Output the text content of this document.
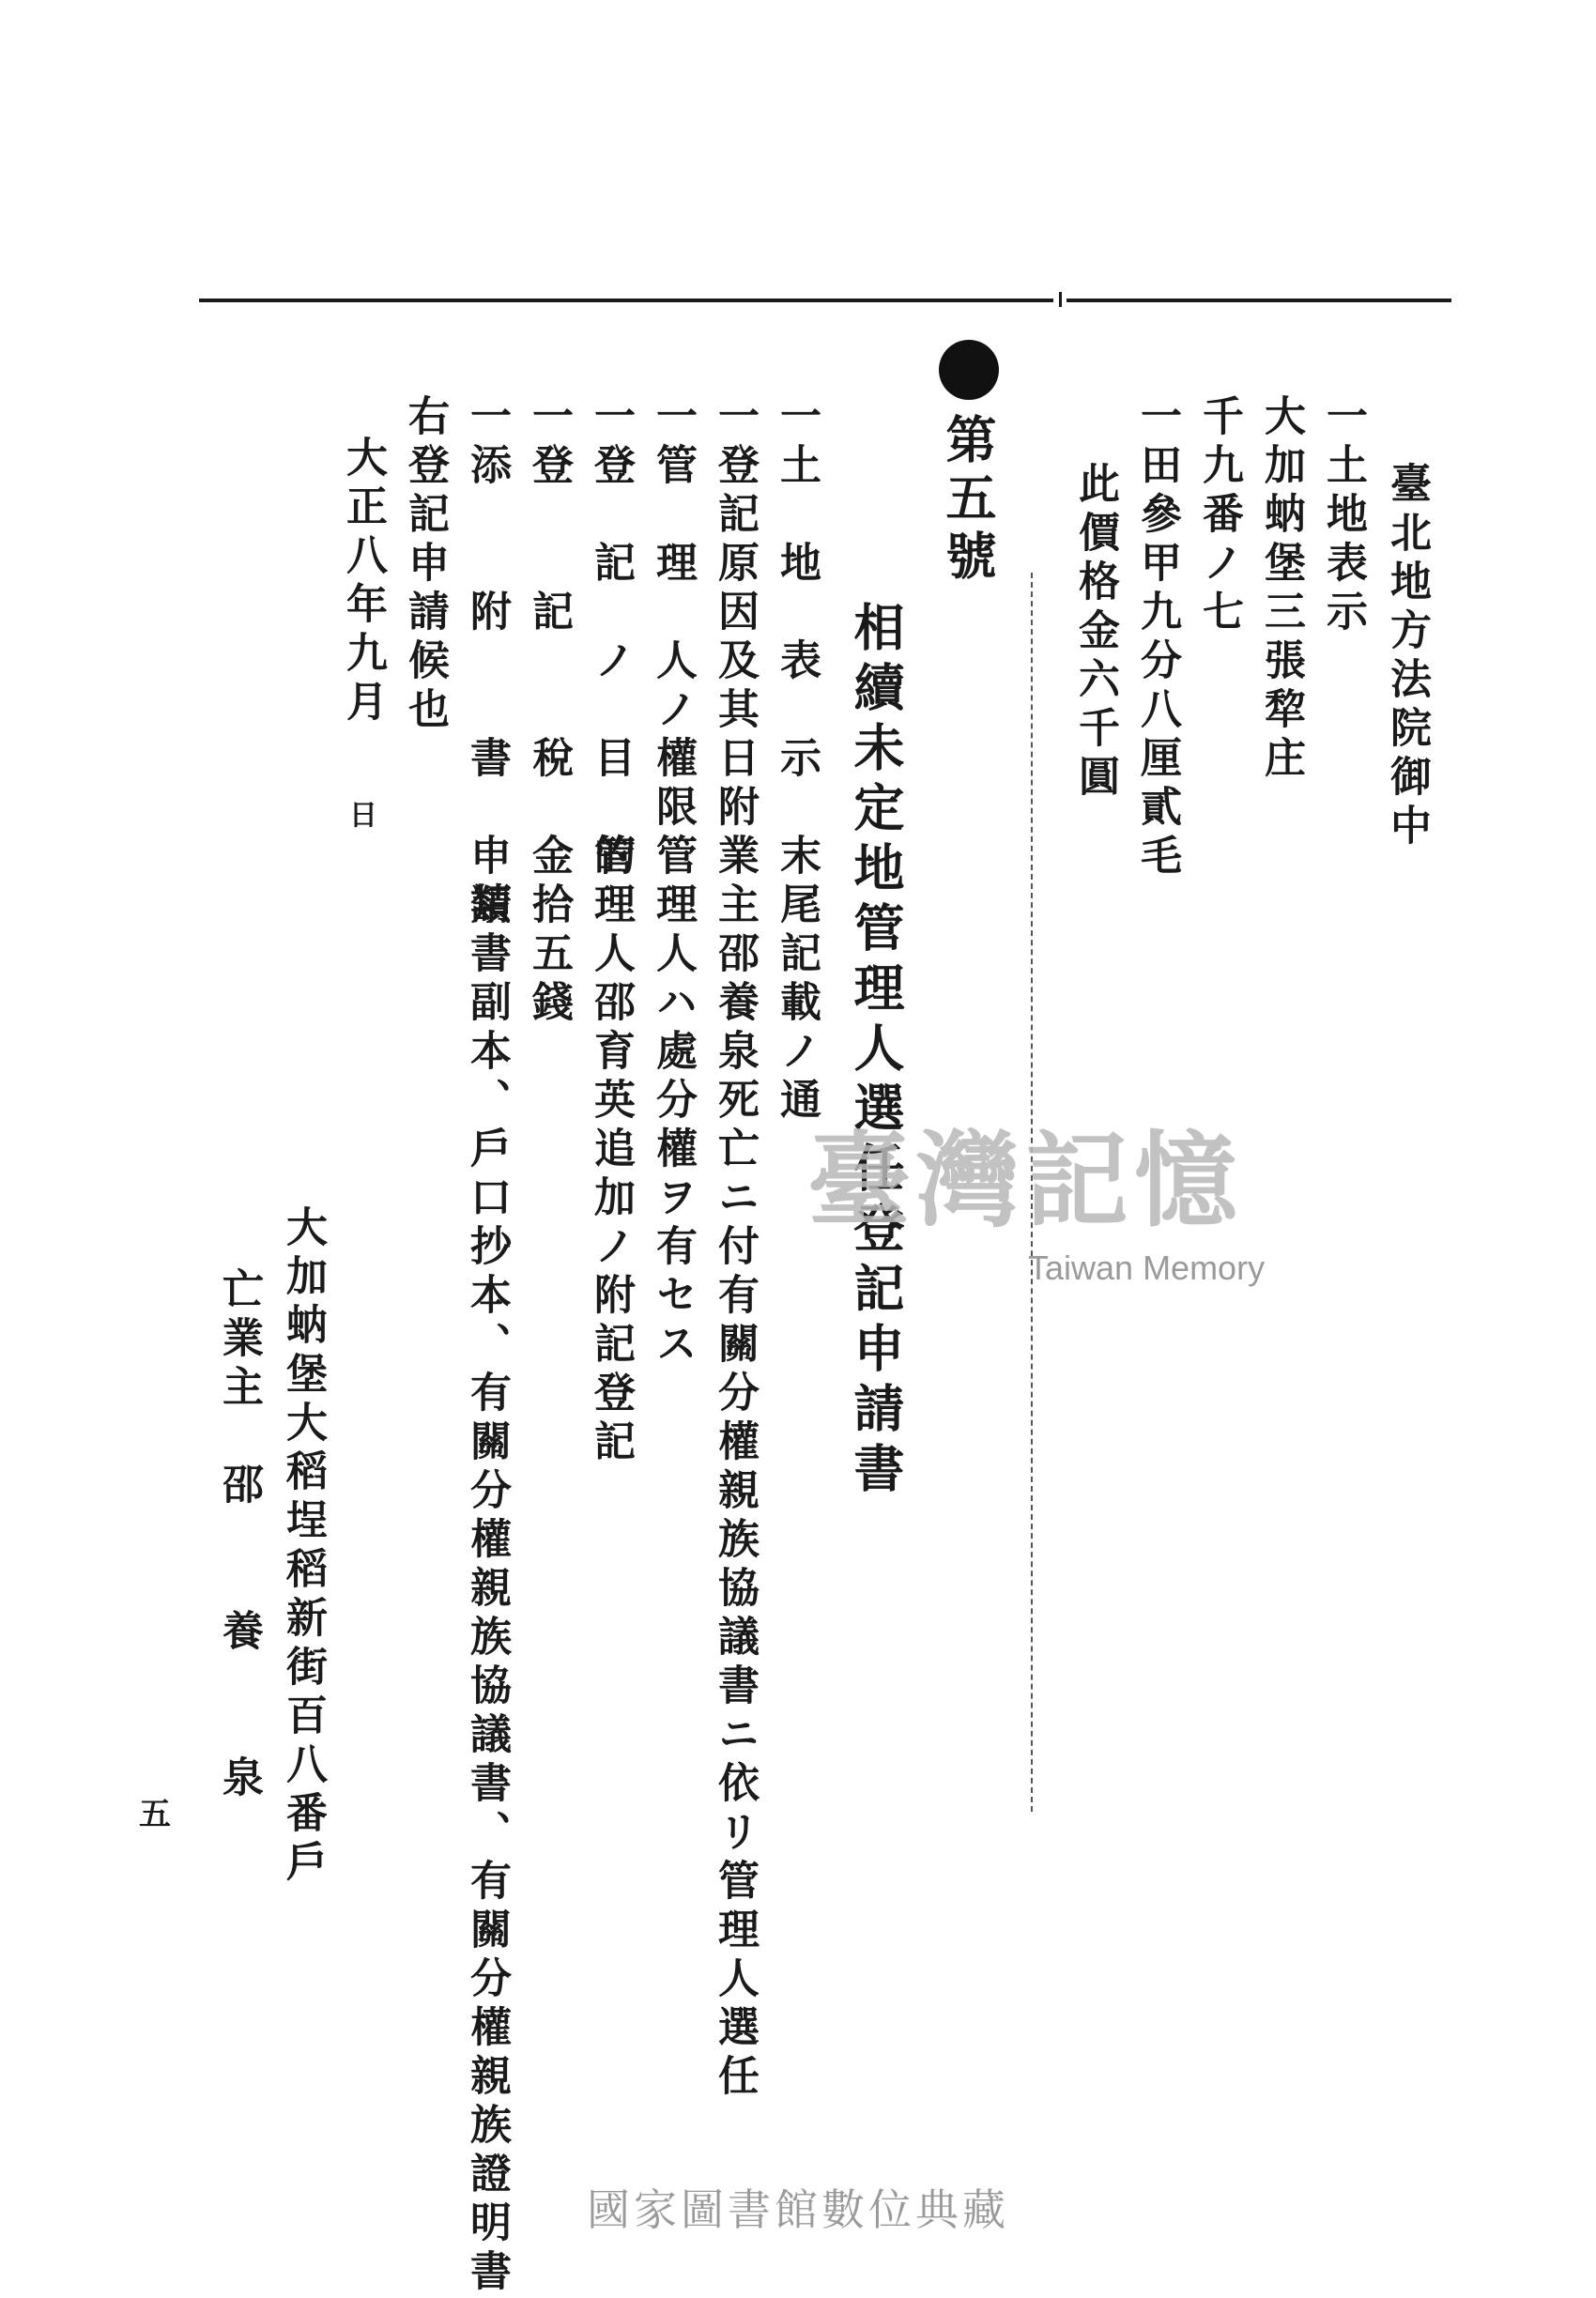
臺北地方法院御中
一土地表示
大加蚋堡三張犂庄
千九番ノ七
一田參甲九分八厘貳毛
此價格金六千圓
第五號
相續未定地管理人選任登記申請書
一土　地　表　示
一登記原因及其日附
一管　理　人ノ權限
一登　記　ノ　目　的
一登　　記　　稅
一添　　附　　書　　類
末尾記載ノ通
業主邵養泉死亡ニ付有關分權親族協議書ニ依リ管理人選任
管理人ハ處分權ヲ有セス
管理人邵育英追加ノ附記登記
金拾五錢
申請書副本、戶口抄本、有關分權親族協議書、有關分權親族證明書
右登記申請候也
大正八年九月
日
大加蚋堡大稻埕稻新街百八番戶
亡業主　邵　　養　　泉
五
臺灣記憶
Taiwan Memory
國家圖書館數位典藏
